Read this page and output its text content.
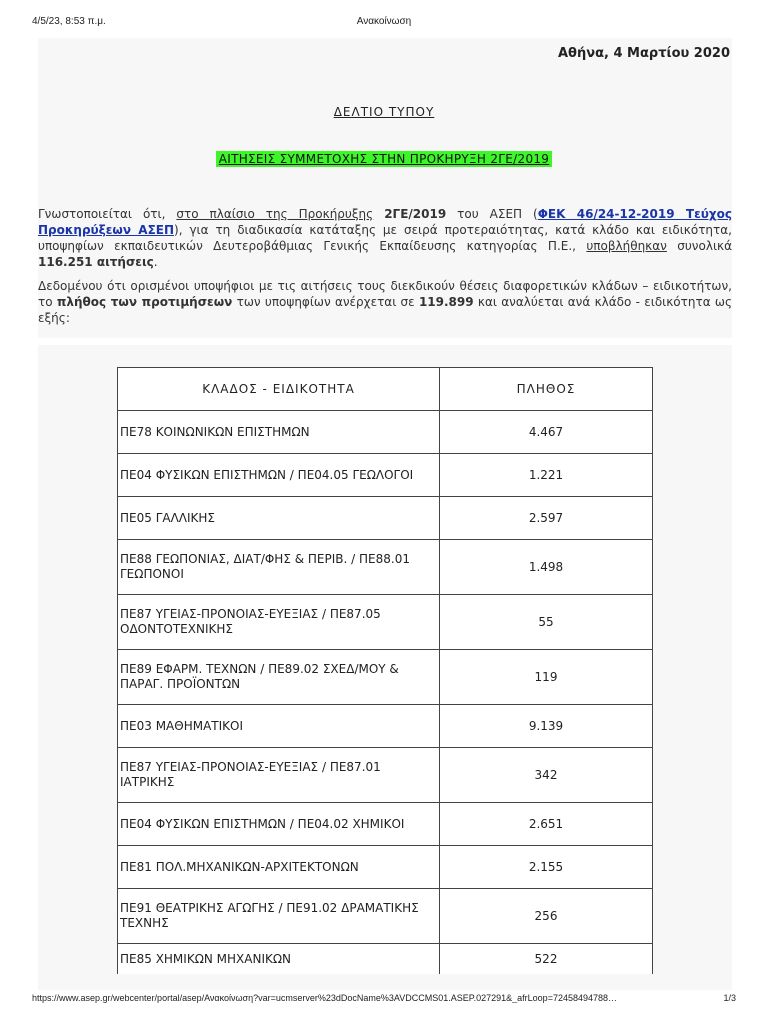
4/5/23, 8:53 π.μ.	Ανακοίνωση
Αθήνα, 4 Μαρτίου 2020
ΔΕΛΤΙΟ ΤΥΠΟΥ
ΑΙΤΗΣΕΙΣ ΣΥΜΜΕΤΟΧΗΣ ΣΤΗΝ ΠΡΟΚΗΡΥΞΗ 2ΓΕ/2019
Γνωστοποιείται ότι, στο πλαίσιο της Προκήρυξης 2ΓΕ/2019 του ΑΣΕΠ (ΦΕΚ 46/24-12-2019 Τεύχος Προκηρύξεων ΑΣΕΠ), για τη διαδικασία κατάταξης με σειρά προτεραιότητας, κατά κλάδο και ειδικότητα, υποψηφίων εκπαιδευτικών Δευτεροβάθμιας Γενικής Εκπαίδευσης κατηγορίας Π.Ε., υποβλήθηκαν συνολικά 116.251 αιτήσεις.
Δεδομένου ότι ορισμένοι υποψήφιοι με τις αιτήσεις τους διεκδικούν θέσεις διαφορετικών κλάδων – ειδικοτήτων, το πλήθος των προτιμήσεων των υποψηφίων ανέρχεται σε 119.899 και αναλύεται ανά κλάδο - ειδικότητα ως εξής:
ΚΛΑΔΟΣ - ΕΙΔΙΚΟΤΗΤΑ	ΠΛΗΘΟΣ
ΠΕ78 ΚΟΙΝΩΝΙΚΩΝ ΕΠΙΣΤΗΜΩΝ	4.467
ΠΕ04 ΦΥΣΙΚΩΝ ΕΠΙΣΤΗΜΩΝ / ΠΕ04.05 ΓΕΩΛΟΓΟΙ	1.221
ΠΕ05 ΓΑΛΛΙΚΗΣ	2.597
ΠΕ88 ΓΕΩΠΟΝΙΑΣ, ΔΙΑΤ/ΦΗΣ & ΠΕΡΙΒ. / ΠΕ88.01 ΓΕΩΠΟΝΟΙ	1.498
ΠΕ87 ΥΓΕΙΑΣ-ΠΡΟΝΟΙΑΣ-ΕΥΕΞΙΑΣ / ΠΕ87.05 ΟΔΟΝΤΟΤΕΧΝΙΚΗΣ	55
ΠΕ89 ΕΦΑΡΜ. ΤΕΧΝΩΝ / ΠΕ89.02 ΣΧΕΔ/ΜΟΥ & ΠΑΡΑΓ. ΠΡΟΪΟΝΤΩΝ	119
ΠΕ03 ΜΑΘΗΜΑΤΙΚΟΙ	9.139
ΠΕ87 ΥΓΕΙΑΣ-ΠΡΟΝΟΙΑΣ-ΕΥΕΞΙΑΣ / ΠΕ87.01 ΙΑΤΡΙΚΗΣ	342
ΠΕ04 ΦΥΣΙΚΩΝ ΕΠΙΣΤΗΜΩΝ / ΠΕ04.02 ΧΗΜΙΚΟΙ	2.651
ΠΕ81 ΠΟΛ.ΜΗΧΑΝΙΚΩΝ-ΑΡΧΙΤΕΚΤΟΝΩΝ	2.155
ΠΕ91 ΘΕΑΤΡΙΚΗΣ ΑΓΩΓΗΣ / ΠΕ91.02 ΔΡΑΜΑΤΙΚΗΣ ΤΕΧΝΗΣ	256
ΠΕ85 ΧΗΜΙΚΩΝ ΜΗΧΑΝΙΚΩΝ	522
https://www.asep.gr/webcenter/portal/asep/Ανακοίνωση?var=ucmserver%23dDocName%3AVDCCMS01.ASEP.027291&_afrLoop=72458494788…	1/3
